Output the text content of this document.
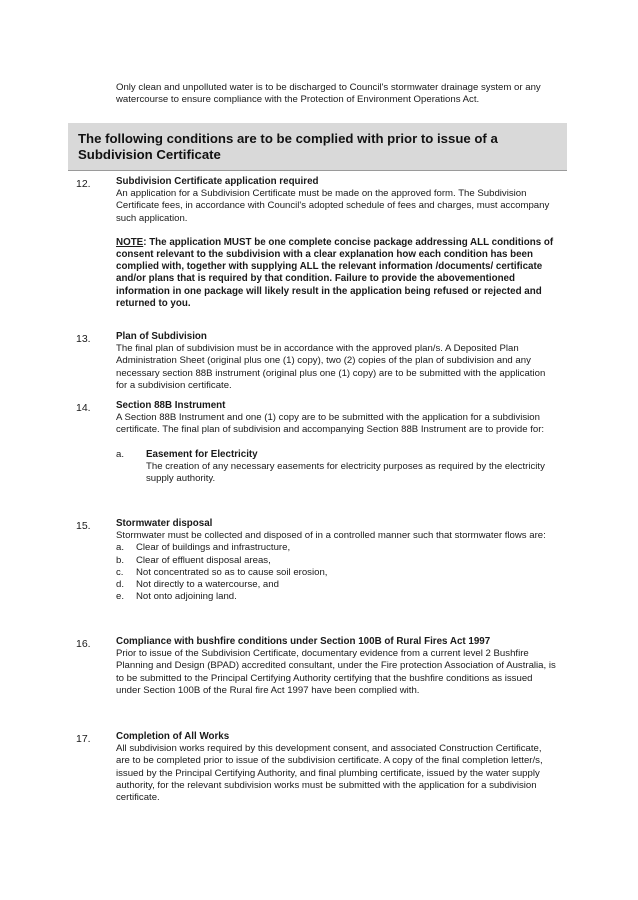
Only clean and unpolluted water is to be discharged to Council's stormwater drainage system or any watercourse to ensure compliance with the Protection of Environment Operations Act.

The following conditions are to be complied with prior to issue of a Subdivision Certificate
12.	Subdivision Certificate application required

An application for a Subdivision Certificate must be made on the approved form. The Subdivision Certificate fees, in accordance with Council's adopted schedule of fees and charges, must accompany such application.

NOTE: The application MUST be one complete concise package addressing ALL conditions of consent relevant to the subdivision with a clear explanation how each condition has been complied with, together with supplying ALL the relevant information /documents/ certificate and/or plans that is required by that condition. Failure to provide the abovementioned information in one package will likely result in the application being refused or rejected and returned to you.

13.	Plan of Subdivision

The final plan of subdivision must be in accordance with the approved plan/s. A Deposited Plan Administration Sheet (original plus one (1) copy), two (2) copies of the plan of subdivision and any necessary section 88B instrument (original plus one (1) copy) are to be submitted with the application for a subdivision certificate.

14.	Section 88B Instrument

A Section 88B Instrument and one (1) copy are to be submitted with the application for a subdivision certificate. The final plan of subdivision and accompanying Section 88B Instrument are to provide for:

a. Easement for Electricity

The creation of any necessary easements for electricity purposes as required by the electricity supply authority.

15.	Stormwater disposal

Stormwater must be collected and disposed of in a controlled manner such that stormwater flows are:

a. Clear of buildings and infrastructure,
b. Clear of effluent disposal areas,
c. Not concentrated so as to cause soil erosion,
d. Not directly to a watercourse, and
e. Not onto adjoining land.
16.	Compliance with bushfire conditions under Section 100B of Rural Fires Act 1997

Prior to issue of the Subdivision Certificate, documentary evidence from a current level 2 Bushfire Planning and Design (BPAD) accredited consultant, under the Fire protection Association of Australia, is to be submitted to the Principal Certifying Authority certifying that the bushfire conditions as issued under Section 100B of the Rural fire Act 1997 have been complied with.

17.	Completion of All Works

All subdivision works required by this development consent, and associated Construction Certificate, are to be completed prior to issue of the subdivision certificate. A copy of the final completion letter/s, issued by the Principal Certifying Authority, and final plumbing certificate, issued by the water supply authority, for the relevant subdivision works must be submitted with the application for a subdivision certificate.
